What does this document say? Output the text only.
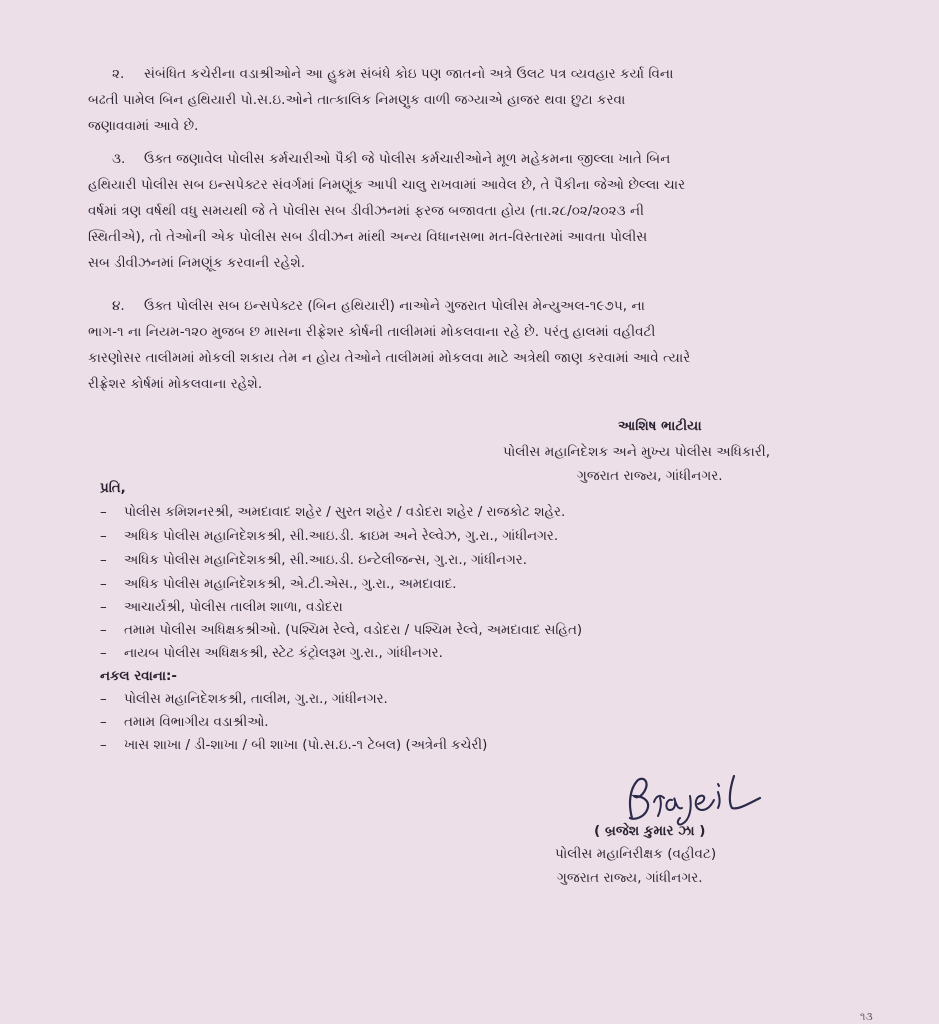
૨. સંબંધિત કચેરીના વડાશ્રીઓને આ હુકમ સંબંધે કોઇ પણ જાતનો અત્રે ઉલટ પત્ર વ્યવહાર કર્યા વિના
બઢતી પામેલ બિન હથિયારી પો.સ.ઇ.ઓને તાત્કાલિક નિમણુક વાળી જગ્યાએ હાજર થવા છુટા કરવા
જણાવવામાં આવે છે.
૩. ઉક્ત જણાવેલ પોલીસ કર્મચારીઓ પૈકી જે પોલીસ કર્મચારીઓને મૂળ મહેકમના જીલ્લા ખાતે બિન
હથિયારી પોલીસ સબ ઇન્સપેક્ટર સંવર્ગમાં નિમણૂંક આપી ચાલુ રાખવામાં આવેલ છે, તે પૈકીના જેઓ છેલ્લા ચાર
વર્ષમાં ત્રણ વર્ષથી વધુ સમયથી જે તે પોલીસ સબ ડીવીઝનમાં ફરજ બજાવતા હોય (તા.૨૮/૦૨/૨૦૨૩ ની
સ્થિતીએ), તો તેઓની એક પોલીસ સબ ડીવીઝન માંથી અન્ય વિધાનસભા મત-વિસ્તારમાં આવતા પોલીસ
સબ ડીવીઝનમાં નિમણૂંક કરવાની રહેશે.
૪. ઉક્ત પોલીસ સબ ઇન્સપેક્ટર (બિન હથિયારી) નાઓને ગુજરાત પોલીસ મેન્યુઅલ-૧૯૭૫, ના
ભાગ-૧ ના નિયમ-૧૨૦ મુજબ છ માસના રીફ્રેશર કોર્ષની તાલીમમાં મોકલવાના રહે છે. પરંતુ હાલમાં વહીવટી
કારણોસર તાલીમમાં મોકલી શકાય તેમ ન હોય તેઓને તાલીમમાં મોકલવા માટે અત્રેથી જાણ કરવામાં આવે ત્યારે
રીફ્રેશર કોર્ષમાં મોકલવાના રહેશે.
આશિષ ભાટીયા
પોલીસ મહાનિદેશક અને મુખ્ય પોલીસ અધિકારી,
ગુજરાત રાજ્ય, ગાંધીનગર.
પ્રતિ,
– પોલીસ કમિશનરશ્રી, અમદાવાદ શહેર / સુરત શહેર / વડોદરા શહેર / રાજકોટ શહેર.
– અધિક પોલીસ મહાનિદેશકશ્રી, સી.આઇ.ડી. ક્રાઇમ અને રેલ્વેઝ, ગુ.રા., ગાંધીનગર.
– અધિક પોલીસ મહાનિદેશકશ્રી, સી.આઇ.ડી. ઇન્ટેલીજન્સ, ગુ.રા., ગાંધીનગર.
– અધિક પોલીસ મહાનિદેશકશ્રી, એ.ટી.એસ., ગુ.રા., અમદાવાદ.
– આચાર્યશ્રી, પોલીસ તાલીમ શાળા, વડોદરા
– તમામ પોલીસ અધિક્ષકશ્રીઓ. (પશ્ચિમ રેલ્વે, વડોદરા / પશ્ચિમ રેલ્વે, અમદાવાદ સહિત)
– નાયબ પોલીસ અધિક્ષકશ્રી, સ્ટેટ કંટ્રોલરૂમ ગુ.રા., ગાંધીનગર.
નકલ રવાના:-
– પોલીસ મહાનિદેશકશ્રી, તાલીમ, ગુ.રા., ગાંધીનગર.
– તમામ વિભાગીય વડાશ્રીઓ.
– ખાસ શાખા / ડી-શાખા / બી શાખા (પો.સ.ઇ.-૧ ટેબલ) (અત્રેની કચેરી)
( બ્રજેશ કુમાર ઝા )
પોલીસ મહાનિરીક્ષક (વહીવટ)
ગુજરાત રાજ્ય, ગાંધીનગર.
૧૩
